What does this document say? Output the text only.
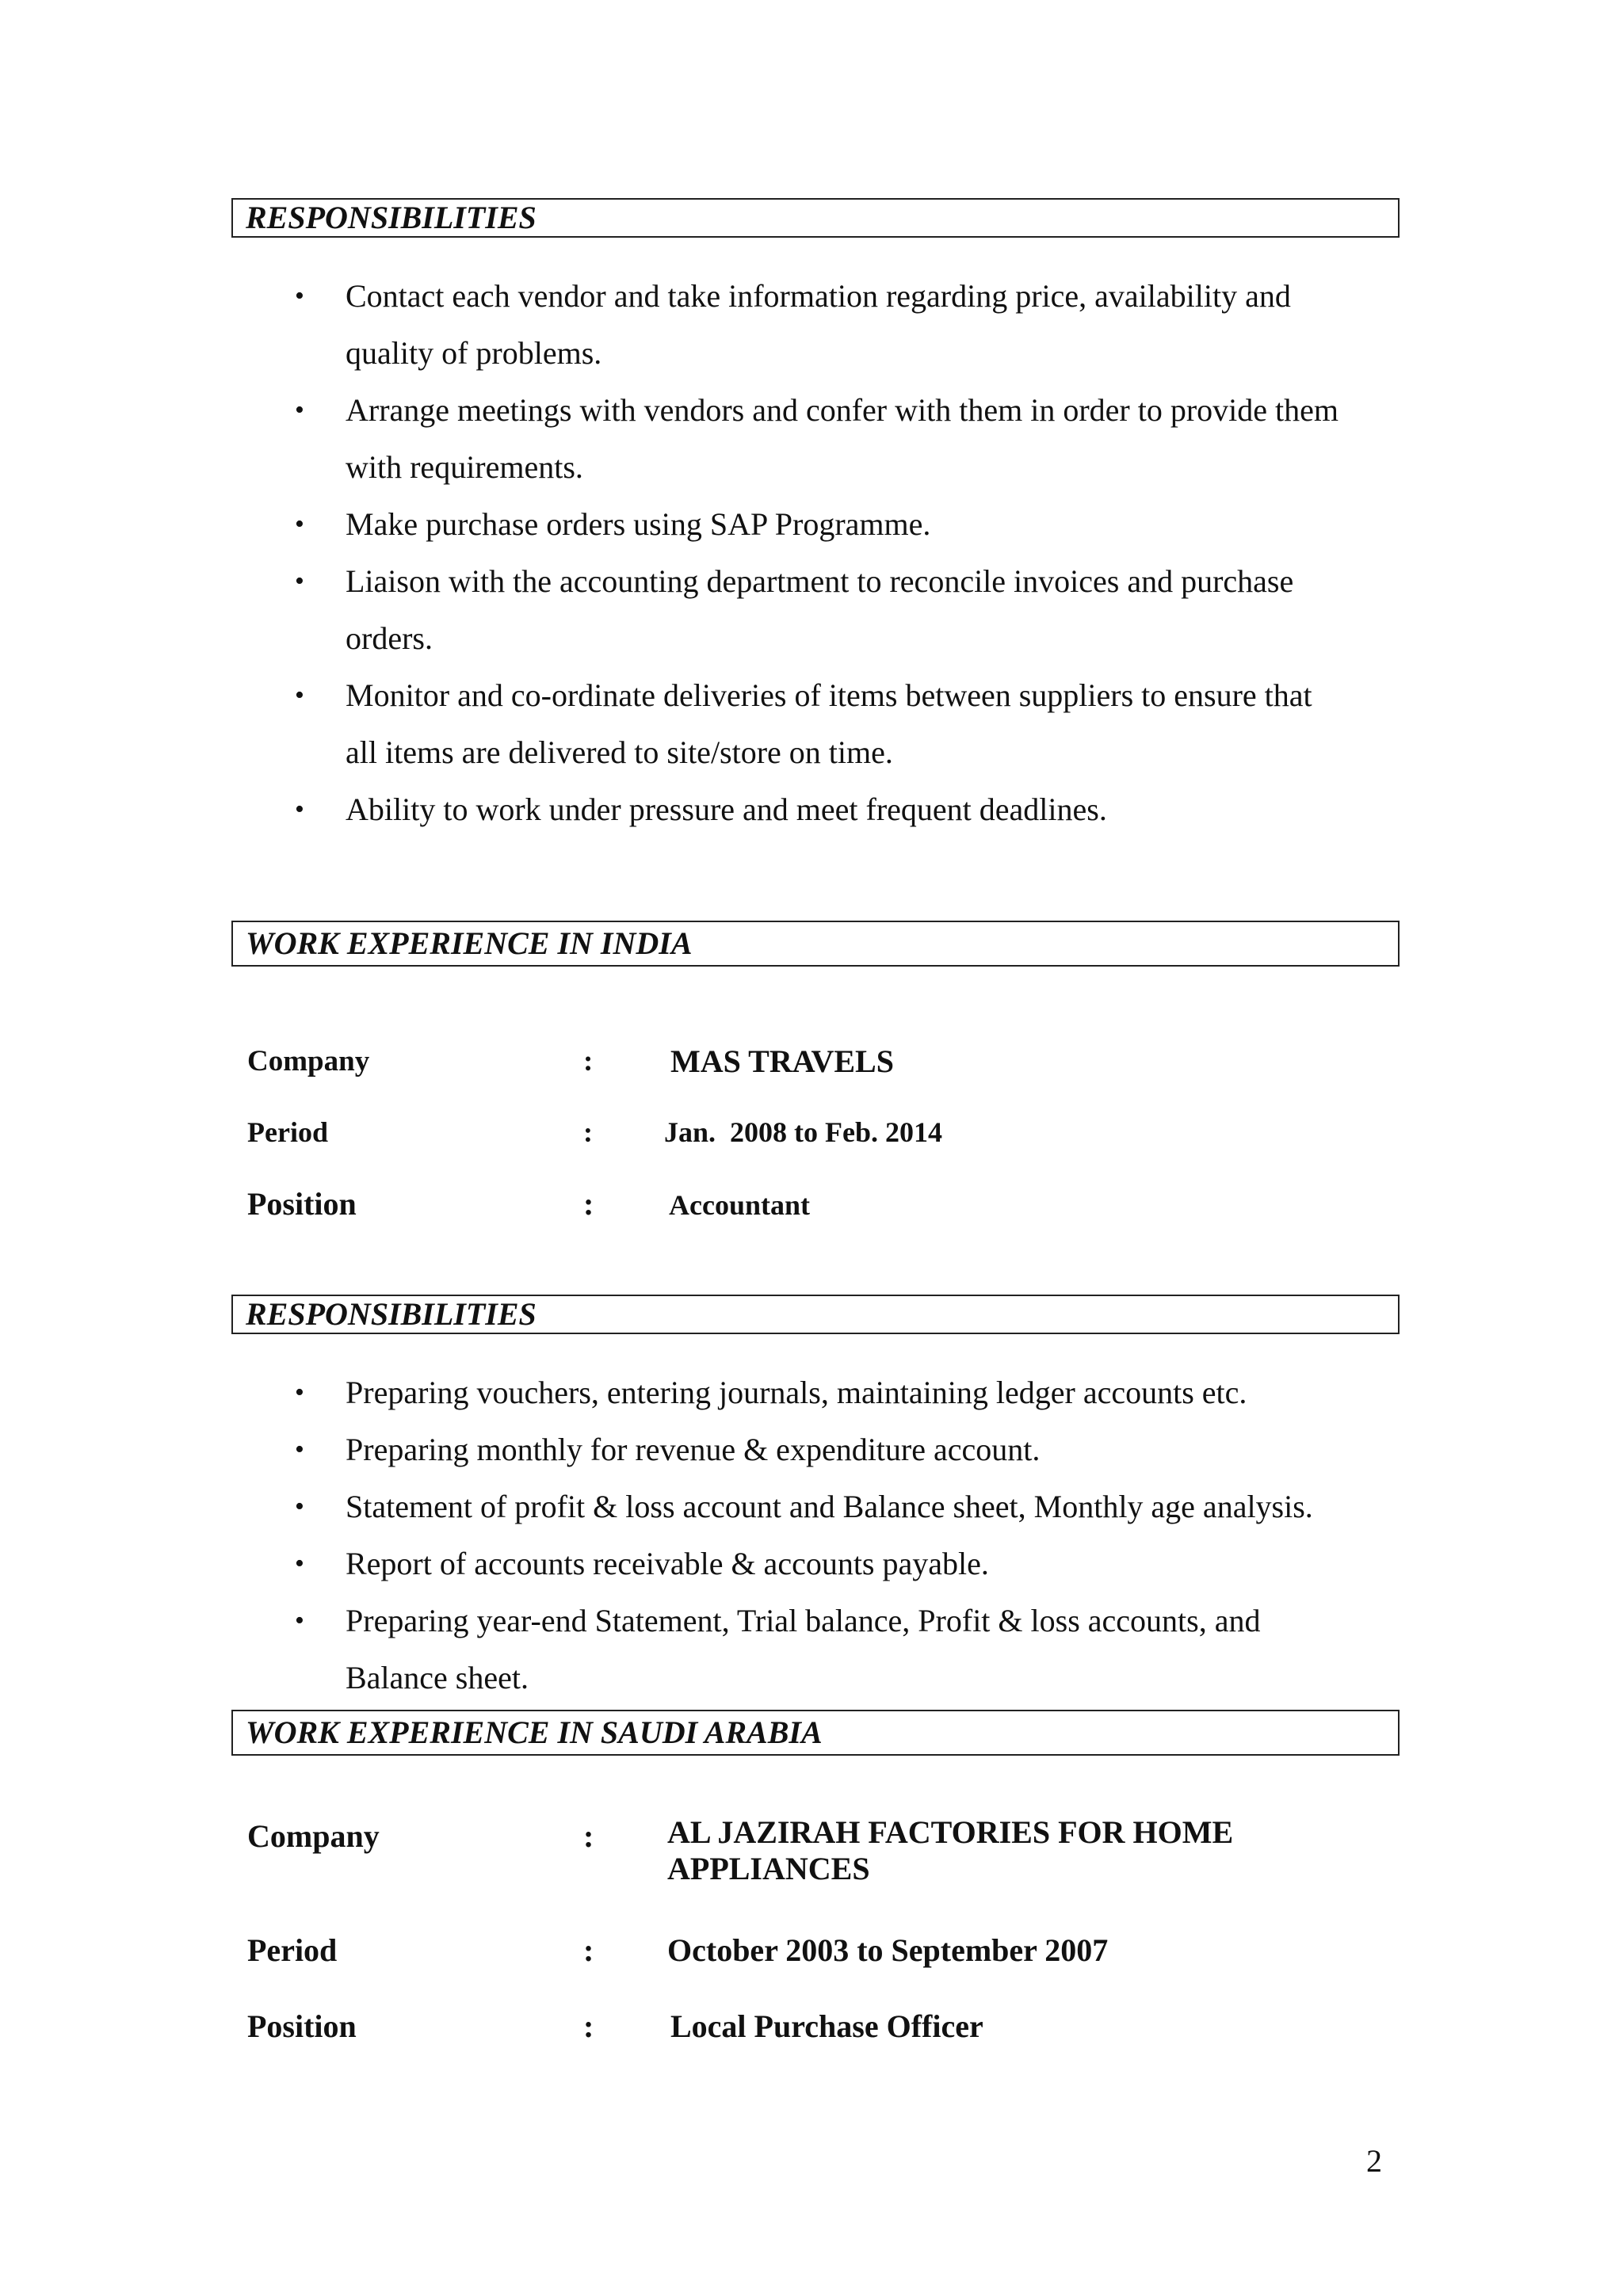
RESPONSIBILITIES
• Contact each vendor and take information regarding price, availability and
quality of problems.
• Arrange meetings with vendors and confer with them in order to provide them
with requirements.
• Make purchase orders using SAP Programme.
• Liaison with the accounting department to reconcile invoices and purchase
orders.
• Monitor and co-ordinate deliveries of items between suppliers to ensure that
all items are delivered to site/store on time.
• Ability to work under pressure and meet frequent deadlines.
WORK EXPERIENCE IN INDIA
Company	: MAS TRAVELS
Period	:	Jan.  2008 to Feb. 2014
Position	:	Accountant
RESPONSIBILITIES
• Preparing vouchers, entering journals, maintaining ledger accounts etc.
• Preparing monthly for revenue & expenditure account.
• Statement of profit & loss account and Balance sheet, Monthly age analysis.
• Report of accounts receivable & accounts payable.
• Preparing year-end Statement, Trial balance, Profit & loss accounts, and
Balance sheet.
WORK EXPERIENCE IN SAUDI ARABIA
Company	: AL JAZIRAH FACTORIES FOR HOME
APPLIANCES
Period	: October 2003 to September 2007
Position	: Local Purchase Officer
2
